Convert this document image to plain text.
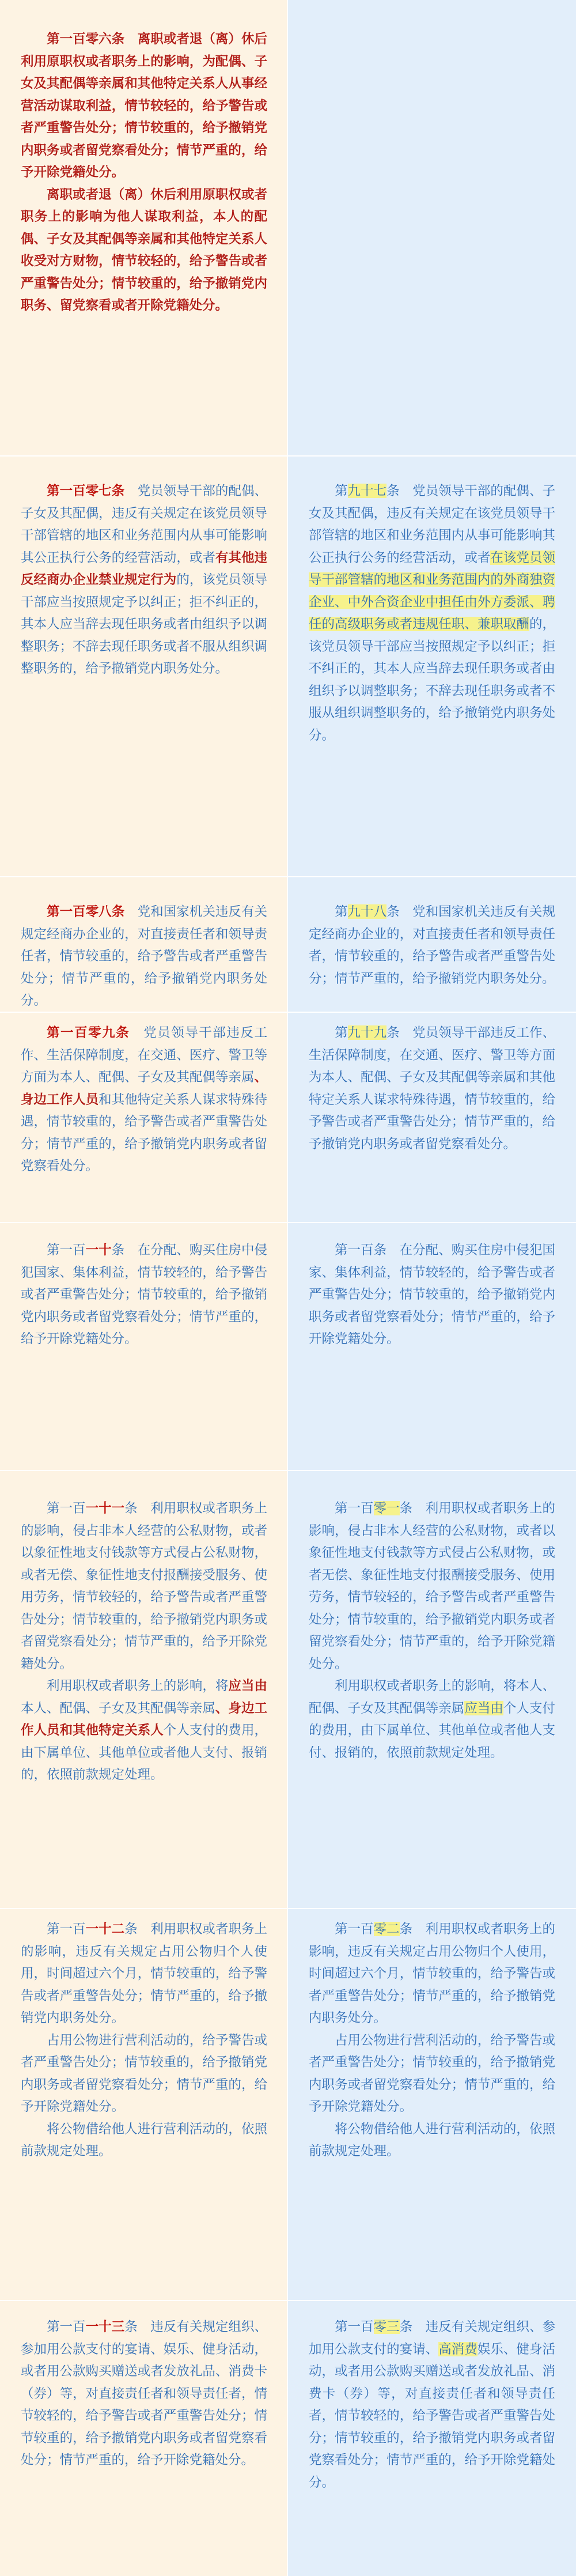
第一百零六条　离职或者退（离）休后利用原职权或者职务上的影响，为配偶、子女及其配偶等亲属和其他特定关系人从事经营活动谋取利益，情节较轻的，给予警告或者严重警告处分；情节较重的，给予撤销党内职务或者留党察看处分；情节严重的，给予开除党籍处分。

离职或者退（离）休后利用原职权或者职务上的影响为他人谋取利益，本人的配偶、子女及其配偶等亲属和其他特定关系人收受对方财物，情节较轻的，给予警告或者严重警告处分；情节较重的，给予撤销党内职务、留党察看或者开除党籍处分。

第一百零七条　党员领导干部的配偶、子女及其配偶，违反有关规定在该党员领导干部管辖的地区和业务范围内从事可能影响其公正执行公务的经营活动，或者有其他违反经商办企业禁业规定行为的，该党员领导干部应当按照规定予以纠正；拒不纠正的，其本人应当辞去现任职务或者由组织予以调整职务；不辞去现任职务或者不服从组织调整职务的，给予撤销党内职务处分。

第九十七条　党员领导干部的配偶、子女及其配偶，违反有关规定在该党员领导干部管辖的地区和业务范围内从事可能影响其公正执行公务的经营活动，或者在该党员领导干部管辖的地区和业务范围内的外商独资企业、中外合资企业中担任由外方委派、聘任的高级职务或者违规任职、兼职取酬的，该党员领导干部应当按照规定予以纠正；拒不纠正的，其本人应当辞去现任职务或者由组织予以调整职务；不辞去现任职务或者不服从组织调整职务的，给予撤销党内职务处分。

第一百零八条　党和国家机关违反有关规定经商办企业的，对直接责任者和领导责任者，情节较重的，给予警告或者严重警告处分；情节严重的，给予撤销党内职务处分。

第九十八条　党和国家机关违反有关规定经商办企业的，对直接责任者和领导责任者，情节较重的，给予警告或者严重警告处分；情节严重的，给予撤销党内职务处分。

第一百零九条　党员领导干部违反工作、生活保障制度，在交通、医疗、警卫等方面为本人、配偶、子女及其配偶等亲属、身边工作人员和其他特定关系人谋求特殊待遇，情节较重的，给予警告或者严重警告处分；情节严重的，给予撤销党内职务或者留党察看处分。

第九十九条　党员领导干部违反工作、生活保障制度，在交通、医疗、警卫等方面为本人、配偶、子女及其配偶等亲属和其他特定关系人谋求特殊待遇，情节较重的，给予警告或者严重警告处分；情节严重的，给予撤销党内职务或者留党察看处分。

第一百一十条　在分配、购买住房中侵犯国家、集体利益，情节较轻的，给予警告或者严重警告处分；情节较重的，给予撤销党内职务或者留党察看处分；情节严重的，给予开除党籍处分。

第一百条　在分配、购买住房中侵犯国家、集体利益，情节较轻的，给予警告或者严重警告处分；情节较重的，给予撤销党内职务或者留党察看处分；情节严重的，给予开除党籍处分。

第一百一十一条　利用职权或者职务上的影响，侵占非本人经营的公私财物，或者以象征性地支付钱款等方式侵占公私财物，或者无偿、象征性地支付报酬接受服务、使用劳务，情节较轻的，给予警告或者严重警告处分；情节较重的，给予撤销党内职务或者留党察看处分；情节严重的，给予开除党籍处分。

利用职权或者职务上的影响，将应当由本人、配偶、子女及其配偶等亲属、身边工作人员和其他特定关系人个人支付的费用，由下属单位、其他单位或者他人支付、报销的，依照前款规定处理。

第一百零一条　利用职权或者职务上的影响，侵占非本人经营的公私财物，或者以象征性地支付钱款等方式侵占公私财物，或者无偿、象征性地支付报酬接受服务、使用劳务，情节较轻的，给予警告或者严重警告处分；情节较重的，给予撤销党内职务或者留党察看处分；情节严重的，给予开除党籍处分。

利用职权或者职务上的影响，将本人、配偶、子女及其配偶等亲属应当由个人支付的费用，由下属单位、其他单位或者他人支付、报销的，依照前款规定处理。

第一百一十二条　利用职权或者职务上的影响，违反有关规定占用公物归个人使用，时间超过六个月，情节较重的，给予警告或者严重警告处分；情节严重的，给予撤销党内职务处分。

占用公物进行营利活动的，给予警告或者严重警告处分；情节较重的，给予撤销党内职务或者留党察看处分；情节严重的，给予开除党籍处分。

将公物借给他人进行营利活动的，依照前款规定处理。

第一百零二条　利用职权或者职务上的影响，违反有关规定占用公物归个人使用，时间超过六个月，情节较重的，给予警告或者严重警告处分；情节严重的，给予撤销党内职务处分。

占用公物进行营利活动的，给予警告或者严重警告处分；情节较重的，给予撤销党内职务或者留党察看处分；情节严重的，给予开除党籍处分。

将公物借给他人进行营利活动的，依照前款规定处理。

第一百一十三条　违反有关规定组织、参加用公款支付的宴请、娱乐、健身活动，或者用公款购买赠送或者发放礼品、消费卡（券）等，对直接责任者和领导责任者，情节较轻的，给予警告或者严重警告处分；情节较重的，给予撤销党内职务或者留党察看处分；情节严重的，给予开除党籍处分。

第一百零三条　违反有关规定组织、参加用公款支付的宴请、高消费娱乐、健身活动，或者用公款购买赠送或者发放礼品、消费卡（券）等，对直接责任者和领导责任者，情节较轻的，给予警告或者严重警告处分；情节较重的，给予撤销党内职务或者留党察看处分；情节严重的，给予开除党籍处分。
